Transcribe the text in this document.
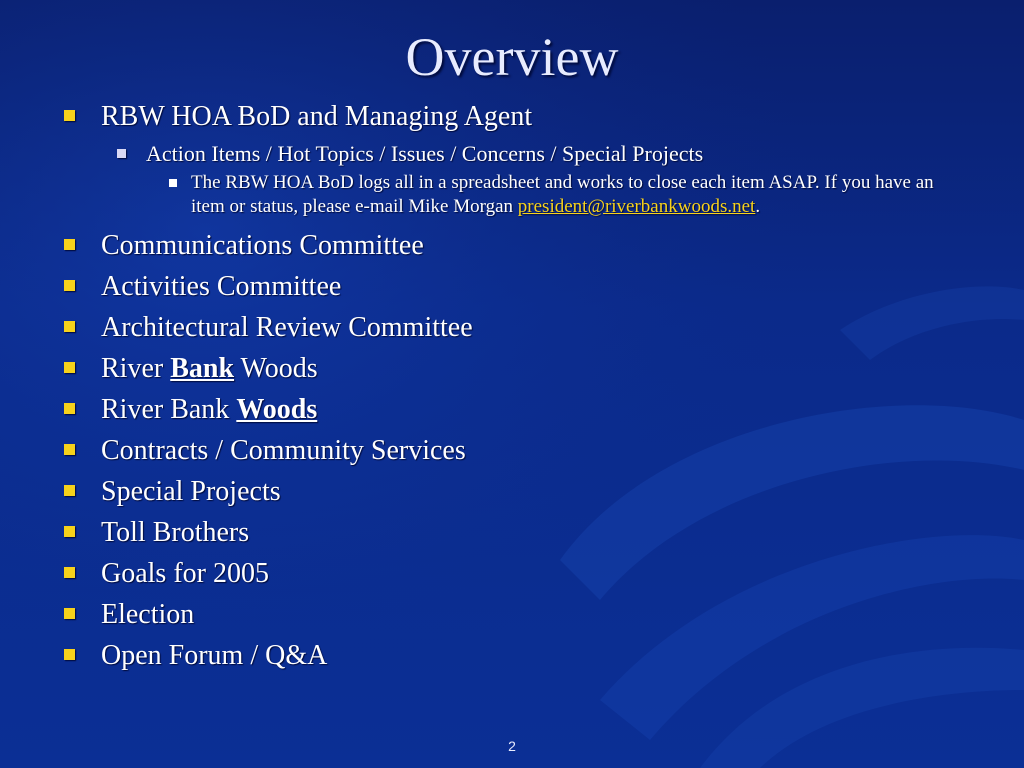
Overview
RBW HOA BoD and Managing Agent
Action Items / Hot Topics / Issues / Concerns / Special Projects
The RBW HOA BoD logs all in a spreadsheet and works to close each item ASAP. If you have an item or status, please e-mail Mike Morgan president@riverbankwoods.net.
Communications Committee
Activities Committee
Architectural Review Committee
River Bank Woods
River Bank Woods
Contracts / Community Services
Special Projects
Toll Brothers
Goals for 2005
Election
Open Forum / Q&A
2
